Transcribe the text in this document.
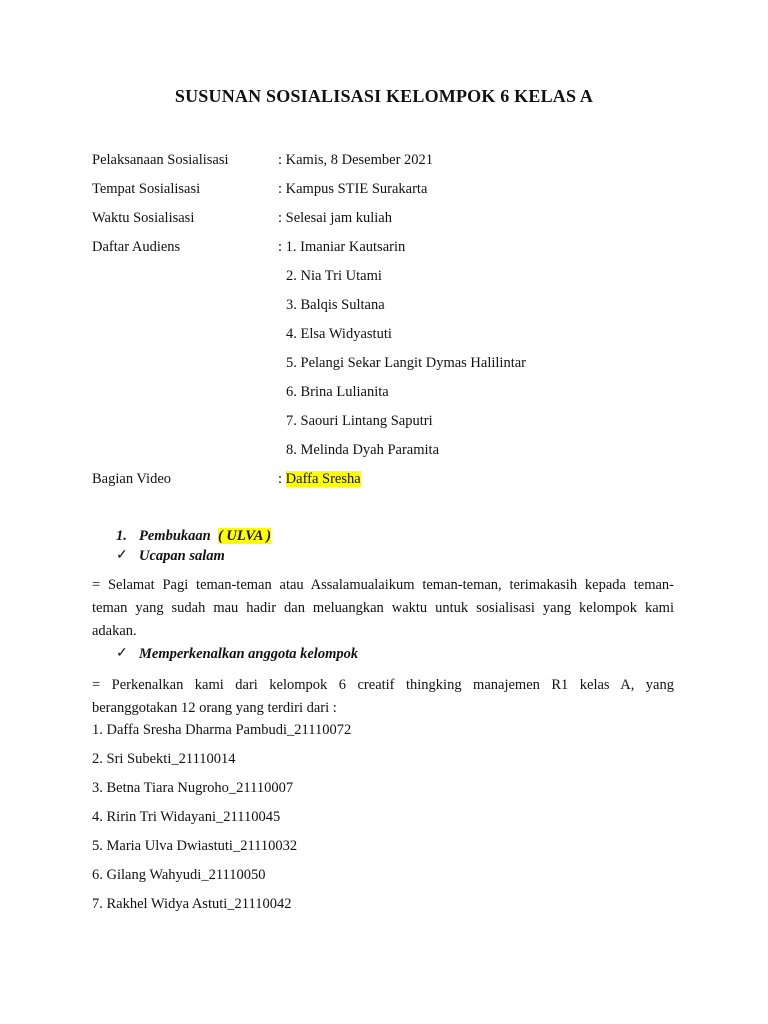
SUSUNAN SOSIALISASI KELOMPOK 6 KELAS A
Pelaksanaan Sosialisasi	: Kamis, 8 Desember 2021
Tempat Sosialisasi	: Kampus STIE Surakarta
Waktu Sosialisasi	: Selesai jam kuliah
Daftar Audiens	: 1. Imaniar Kautsarin
2. Nia Tri Utami
3. Balqis Sultana
4. Elsa Widyastuti
5. Pelangi Sekar Langit Dymas Halilintar
6. Brina Lulianita
7. Saouri Lintang Saputri
8. Melinda Dyah Paramita
Bagian Video	: Daffa Sresha
1. Pembukaan ( ULVA )
✓ Ucapan salam
= Selamat Pagi teman-teman atau Assalamualaikum teman-teman, terimakasih kepada teman-
teman yang sudah mau hadir dan meluangkan waktu untuk sosialisasi yang kelompok kami
adakan.
✓ Memperkenalkan anggota kelompok
= Perkenalkan kami dari kelompok 6 creatif thingking manajemen R1 kelas A, yang
beranggotakan 12 orang yang terdiri dari :
1. Daffa Sresha Dharma Pambudi_21110072
2. Sri Subekti_21110014
3. Betna Tiara Nugroho_21110007
4. Ririn Tri Widayani_21110045
5. Maria Ulva Dwiastuti_21110032
6. Gilang Wahyudi_21110050
7. Rakhel Widya Astuti_21110042
